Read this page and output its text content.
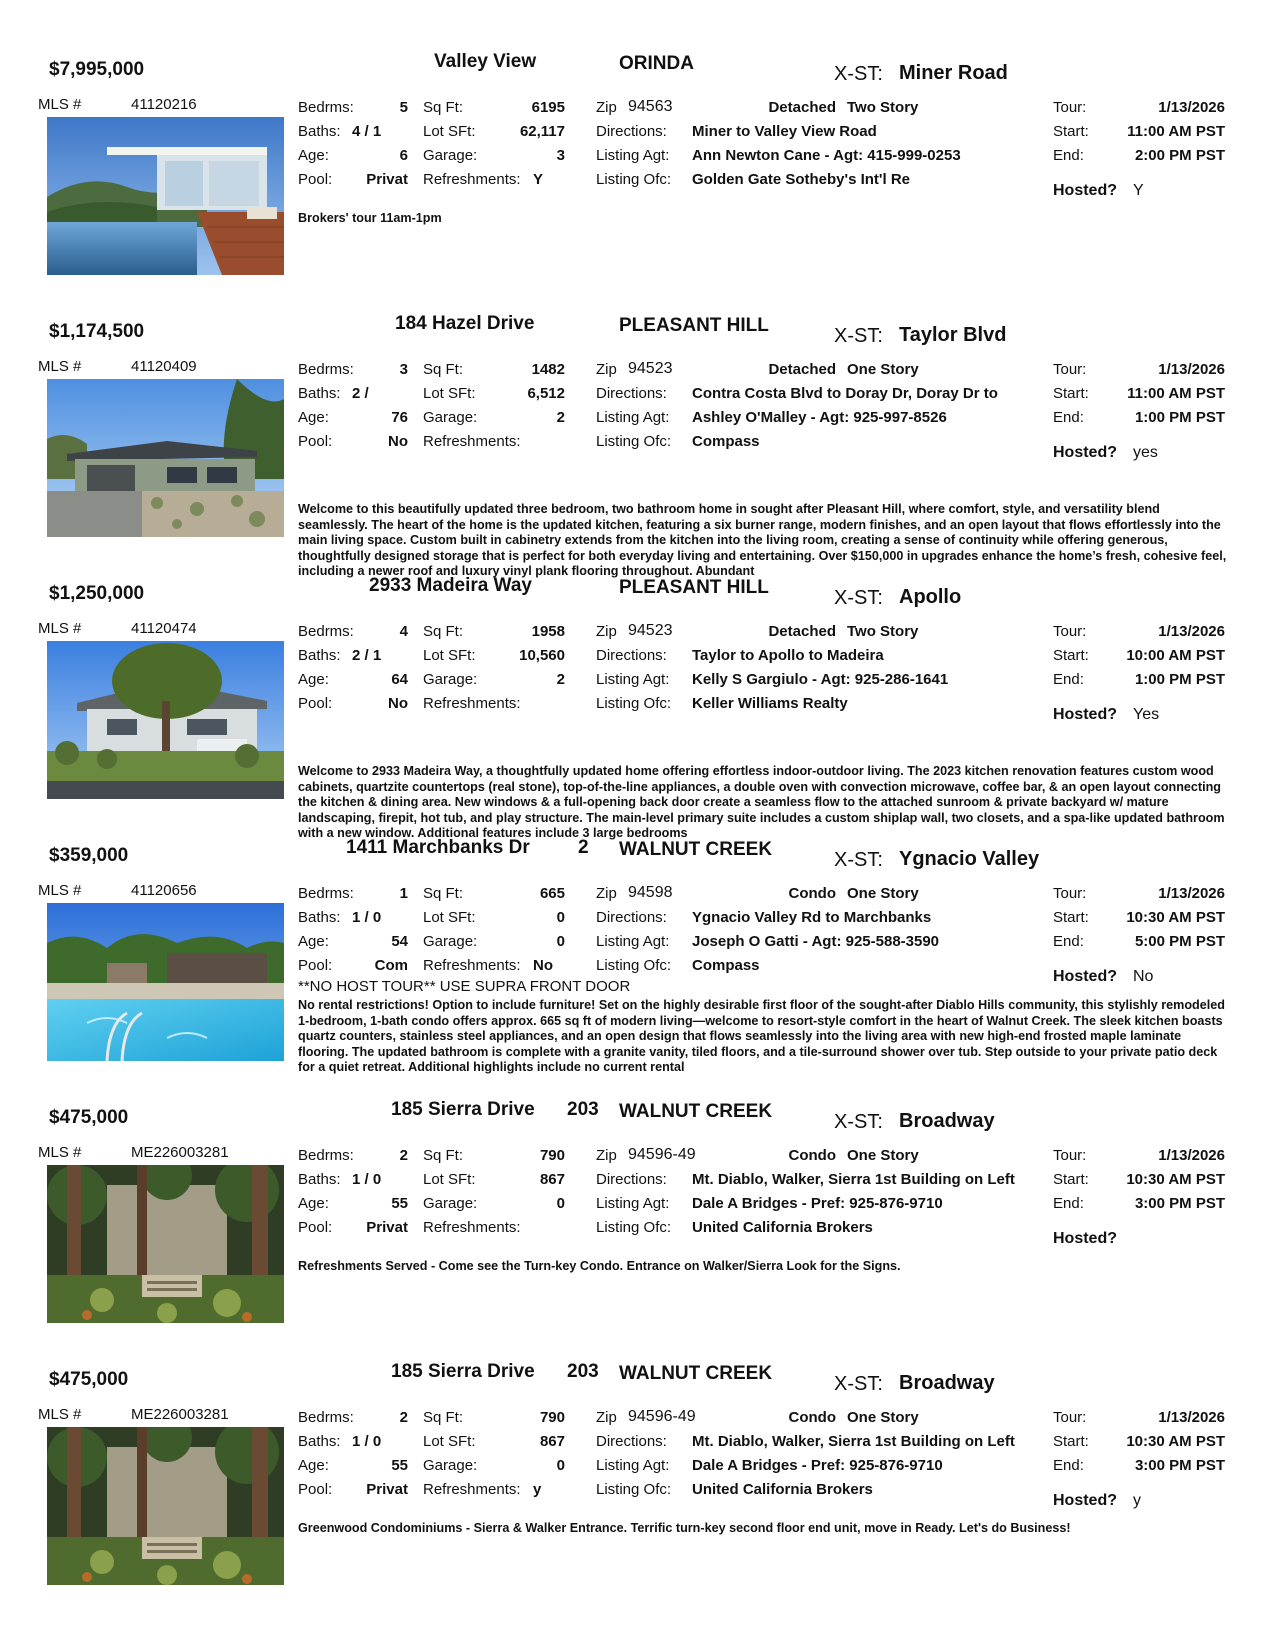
$7,995,000	Valley View	ORINDA	X-ST: Miner Road
MLS #	41120216	Bedrms:	5
Baths: 4 / 1
Age:	6
Pool:	Privat
Sq Ft:	6195
Lot SFt:	62,117
Garage:	3
Refreshments: Y
Zip 94563	Detached Two Story
Directions: Miner to Valley View Road
Listing Agt: Ann Newton Cane - Agt: 415-999-0253
Listing Ofc: Golden Gate Sotheby's Int'l Re
Tour:	1/13/2026
Start:	11:00 AM PST
End:	2:00 PM PST
Hosted? Y
Brokers' tour 11am-1pm
$1,174,500	184 Hazel Drive	PLEASANT HILL	X-ST: Taylor Blvd
MLS #	41120409	Bedrms:	3
Baths: 2 /
Age:	76
Pool:	No
Sq Ft:	1482
Lot SFt:	6,512
Garage:	2
Refreshments:
Zip 94523	Detached One Story
Directions: Contra Costa Blvd to Doray Dr, Doray Dr to
Listing Agt: Ashley O'Malley - Agt: 925-997-8526
Listing Ofc: Compass
Tour:	1/13/2026
Start:	11:00 AM PST
End:	1:00 PM PST
Hosted? yes
Welcome to this beautifully updated three bedroom, two bathroom home in sought after Pleasant Hill, where comfort, style, and versatility blend seamlessly. The heart of the home is the updated kitchen, featuring a six burner range, modern finishes, and an open layout that flows effortlessly into the main living space. Custom built in cabinetry extends from the kitchen into the living room, creating a sense of continuity while offering generous, thoughtfully designed storage that is perfect for both everyday living and entertaining. Over $150,000 in upgrades enhance the home’s fresh, cohesive feel, including a newer roof and luxury vinyl plank flooring throughout. Abundant
$1,250,000	2933 Madeira Way	PLEASANT HILL	X-ST: Apollo
MLS #	41120474	Bedrms:	4
Baths: 2 / 1
Age:	64
Pool:	No
Sq Ft:	1958
Lot SFt:	10,560
Garage:	2
Refreshments:
Zip 94523	Detached Two Story
Directions: Taylor to Apollo to Madeira
Listing Agt: Kelly S Gargiulo - Agt: 925-286-1641
Listing Ofc: Keller Williams Realty
Tour:	1/13/2026
Start:	10:00 AM PST
End:	1:00 PM PST
Hosted? Yes
Welcome to 2933 Madeira Way, a thoughtfully updated home offering effortless indoor-outdoor living. The 2023 kitchen renovation features custom wood cabinets, quartzite countertops (real stone), top-of-the-line appliances, a double oven with convection microwave, coffee bar, & an open layout connecting the kitchen & dining area. New windows & a full-opening back door create a seamless flow to the attached sunroom & private backyard w/ mature landscaping, firepit, hot tub, and play structure. The main-level primary suite includes a custom shiplap wall, two closets, and a spa-like updated bathroom with a new window. Additional features include 3 large bedrooms
$359,000	1411 Marchbanks Dr	2 WALNUT CREEK	X-ST: Ygnacio Valley
MLS #	41120656	Bedrms:	1
Baths: 1 / 0
Age:	54
Pool:	Com
Sq Ft:	665
Lot SFt:	0
Garage:	0
Refreshments: No
Zip 94598	Condo One Story
Directions: Ygnacio Valley Rd to Marchbanks
Listing Agt: Joseph O Gatti - Agt: 925-588-3590
Listing Ofc: Compass
Tour:	1/13/2026
Start:	10:30 AM PST
End:	5:00 PM PST
Hosted? No
**NO HOST TOUR** USE SUPRA FRONT DOOR
No rental restrictions! Option to include furniture! Set on the highly desirable first floor of the sought-after Diablo Hills community, this stylishly remodeled 1-bedroom, 1-bath condo offers approx. 665 sq ft of modern living—welcome to resort-style comfort in the heart of Walnut Creek. The sleek kitchen boasts quartz counters, stainless steel appliances, and an open design that flows seamlessly into the living area with new high-end frosted maple laminate flooring. The updated bathroom is complete with a granite vanity, tiled floors, and a tile-surround shower over tub. Step outside to your private patio deck for a quiet retreat. Additional highlights include no current rental
$475,000	185 Sierra Drive 203 WALNUT CREEK	X-ST: Broadway
MLS #	ME226003281	Bedrms:	2
Baths: 1 / 0
Age:	55
Pool:	Privat
Sq Ft:	790
Lot SFt:	867
Garage:	0
Refreshments:
Zip 94596-49	Condo One Story
Directions: Mt. Diablo, Walker, Sierra 1st Building on Left
Listing Agt: Dale A Bridges - Pref: 925-876-9710
Listing Ofc: United California Brokers
Tour:	1/13/2026
Start:	10:30 AM PST
End:	3:00 PM PST
Hosted?
Refreshments Served - Come see the Turn-key Condo. Entrance on Walker/Sierra Look for the Signs.
$475,000	185 Sierra Drive 203 WALNUT CREEK	X-ST: Broadway
MLS #	ME226003281	Bedrms:	2
Baths: 1 / 0
Age:	55
Pool:	Privat
Sq Ft:	790
Lot SFt:	867
Garage:	0
Refreshments: y
Zip 94596-49	Condo One Story
Directions: Mt. Diablo, Walker, Sierra 1st Building on Left
Listing Agt: Dale A Bridges - Pref: 925-876-9710
Listing Ofc: United California Brokers
Tour:	1/13/2026
Start:	10:30 AM PST
End:	3:00 PM PST
Hosted? y
Greenwood Condominiums - Sierra & Walker Entrance. Terrific turn-key second floor end unit, move in Ready. Let's do Business!
